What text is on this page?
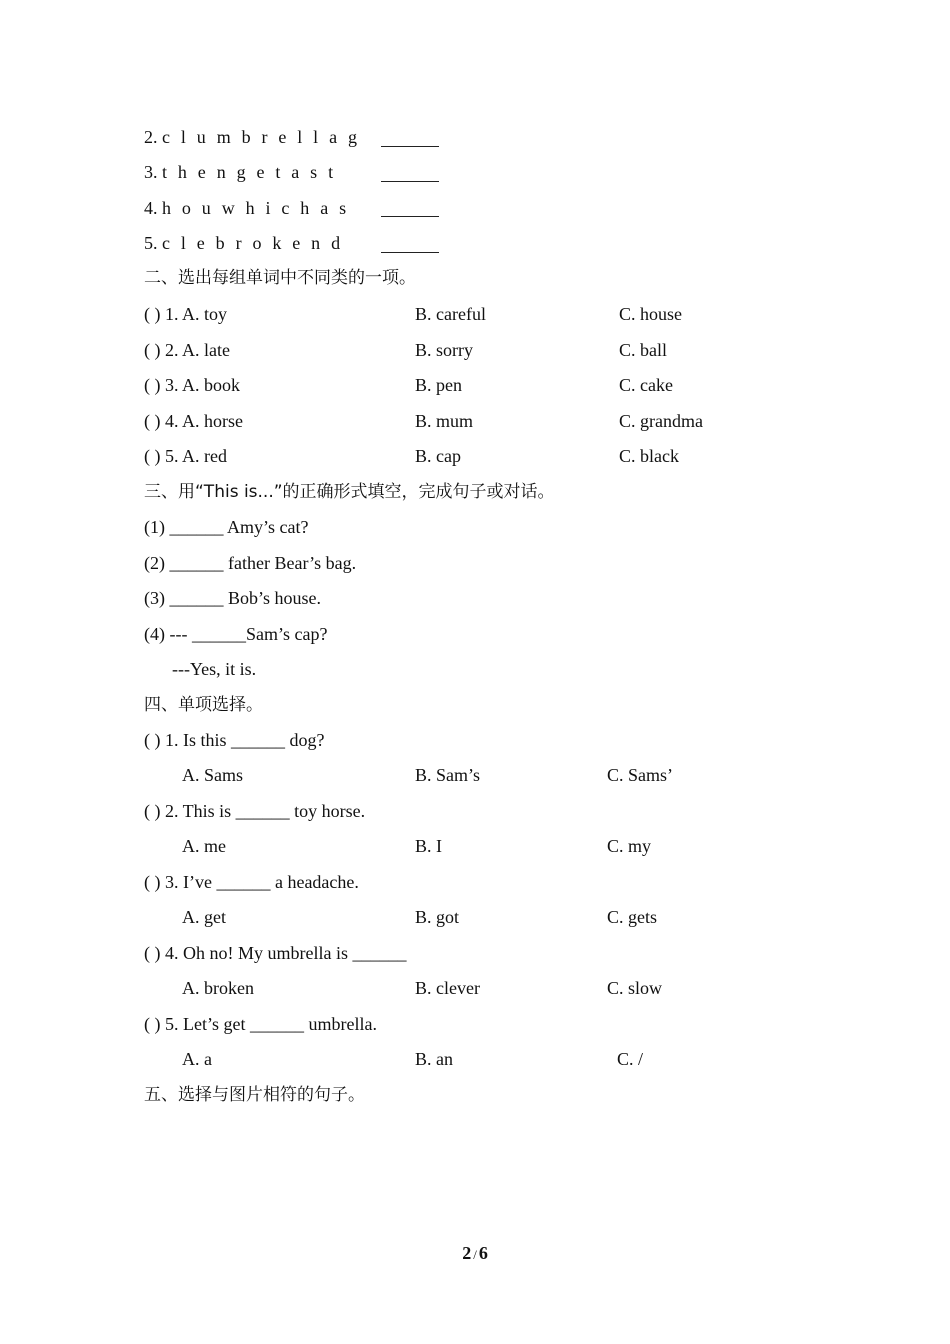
2. c l u m b r e l l a g
3. t h e n g e t a s t
4. h o u w h i c h a s
5. c l e b r o k e n d
二、选出每组单词中不同类的一项。
( ) 1. A. toy	B. careful	C. house
( ) 2. A. late	B. sorry	C. ball
( ) 3. A. book	B. pen	C. cake
( ) 4. A. horse	B. mum	C. grandma
( ) 5. A. red	B. cap	C. black
三、用“This is...”的正确形式填空，完成句子或对话。
(1) ______ Amy’s cat?
(2) ______ father Bear’s bag.
(3) ______ Bob’s house.
(4) --- ______Sam’s cap?
---Yes, it is.
四、单项选择。
( ) 1. Is this ______ dog?
A. Sams	B. Sam’s	C. Sams’
( ) 2. This is ______ toy horse.
A. me	B. I	C. my
( ) 3. I’ve ______ a headache.
A. get	B. got	C. gets
( ) 4. Oh no! My umbrella is ______
A. broken	B. clever	C. slow
( ) 5. Let’s get ______ umbrella.
A. a	B. an	C. /
五、选择与图片相符的句子。
2 / 6
